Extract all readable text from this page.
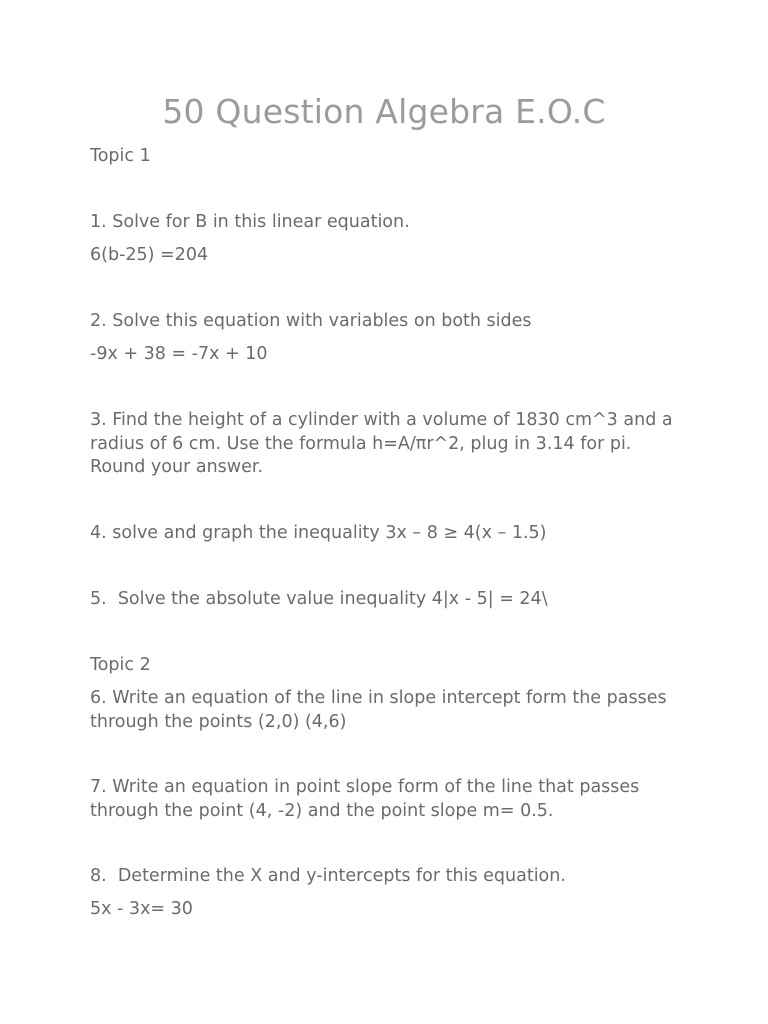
50 Question Algebra E.O.C

Topic 1

1. Solve for B in this linear equation.

6(b-25) =204

2. Solve this equation with variables on both sides

-9x + 38 = -7x + 10

3. Find the height of a cylinder with a volume of 1830 cm^3 and a radius of 6 cm. Use the formula h=A/πr^2, plug in 3.14 for pi. Round your answer.

4. solve and graph the inequality 3x – 8 ≥ 4(x – 1.5)

5.  Solve the absolute value inequality 4|x - 5| = 24\

Topic 2

6. Write an equation of the line in slope intercept form the passes through the points (2,0) (4,6)

7. Write an equation in point slope form of the line that passes through the point (4, -2) and the point slope m= 0.5.

8.  Determine the X and y-intercepts for this equation.

5x - 3x= 30
